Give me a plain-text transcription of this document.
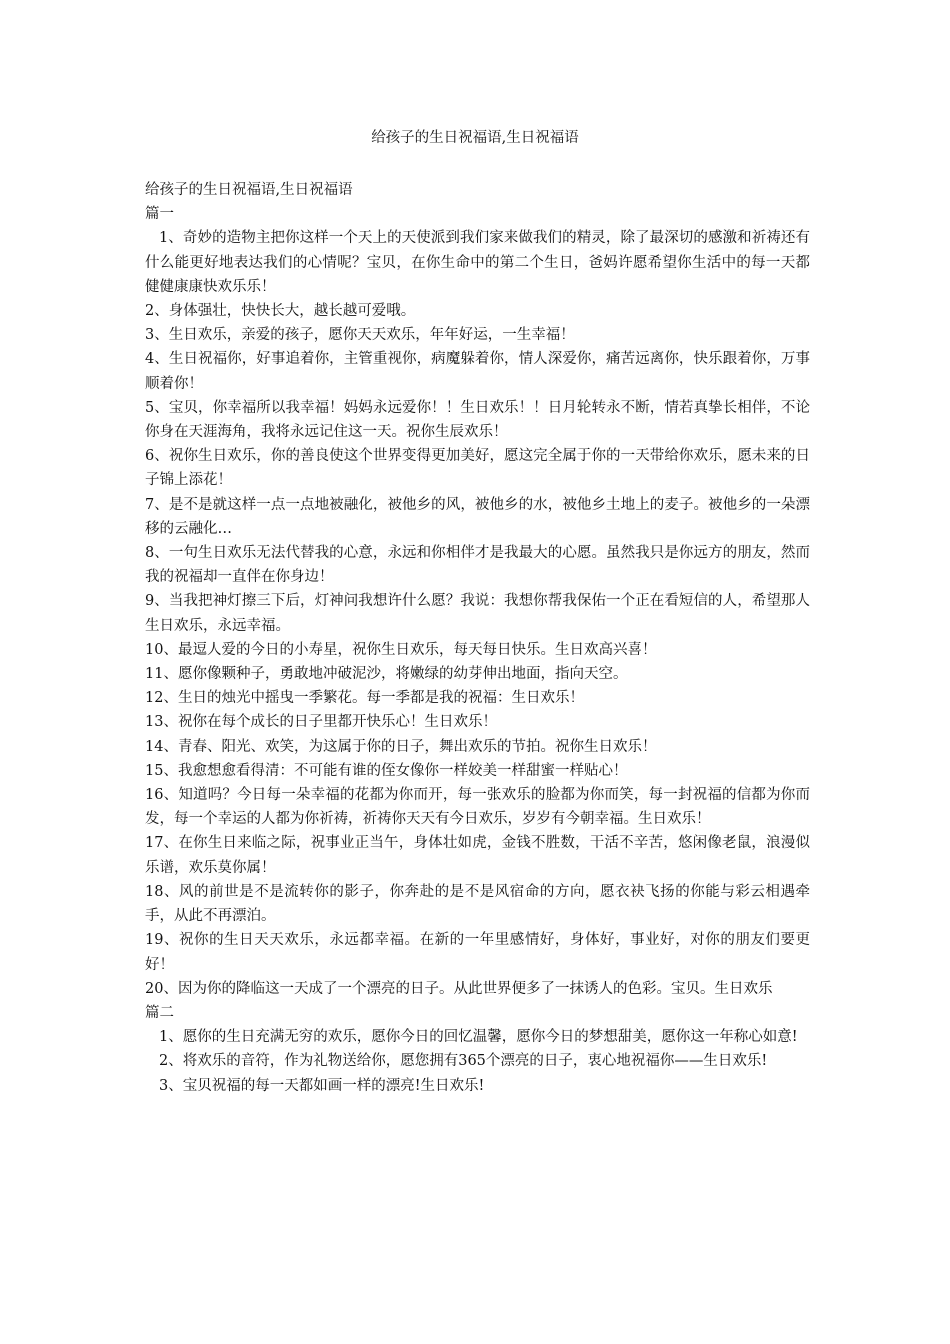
给孩子的生日祝福语,生日祝福语

给孩子的生日祝福语,生日祝福语

篇一

1、奇妙的造物主把你这样一个天上的天使派到我们家来做我们的精灵，除了最深切的感激和祈祷还有什么能更好地表达我们的心情呢？宝贝，在你生命中的第二个生日，爸妈许愿希望你生活中的每一天都健健康康快欢乐乐！

2、身体强壮，快快长大，越长越可爱哦。

3、生日欢乐，亲爱的孩子，愿你天天欢乐，年年好运，一生幸福！

4、生日祝福你，好事追着你，主管重视你，病魔躲着你，情人深爱你，痛苦远离你，快乐跟着你，万事顺着你！

5、宝贝，你幸福所以我幸福！妈妈永远爱你！！生日欢乐！！日月轮转永不断，情若真挚长相伴，不论你身在天涯海角，我将永远记住这一天。祝你生辰欢乐！

6、祝你生日欢乐，你的善良使这个世界变得更加美好，愿这完全属于你的一天带给你欢乐，愿未来的日子锦上添花！

7、是不是就这样一点一点地被融化，被他乡的风，被他乡的水，被他乡土地上的麦子。被他乡的一朵漂移的云融化…

8、一句生日欢乐无法代替我的心意，永远和你相伴才是我最大的心愿。虽然我只是你远方的朋友，然而我的祝福却一直伴在你身边！

9、当我把神灯擦三下后，灯神问我想许什么愿？我说：我想你帮我保佑一个正在看短信的人，希望那人生日欢乐，永远幸福。

10、最逗人爱的今日的小寿星，祝你生日欢乐，每天每日快乐。生日欢高兴喜！

11、愿你像颗种子，勇敢地冲破泥沙，将嫩绿的幼芽伸出地面，指向天空。

12、生日的烛光中摇曳一季繁花。每一季都是我的祝福：生日欢乐！

13、祝你在每个成长的日子里都开快乐心！生日欢乐！

14、青春、阳光、欢笑，为这属于你的日子，舞出欢乐的节拍。祝你生日欢乐！

15、我愈想愈看得清：不可能有谁的侄女像你一样姣美一样甜蜜一样贴心！

16、知道吗？今日每一朵幸福的花都为你而开，每一张欢乐的脸都为你而笑，每一封祝福的信都为你而发，每一个幸运的人都为你祈祷，祈祷你天天有今日欢乐，岁岁有今朝幸福。生日欢乐！

17、在你生日来临之际，祝事业正当午，身体壮如虎，金钱不胜数，干活不辛苦，悠闲像老鼠，浪漫似乐谱，欢乐莫你属！

18、风的前世是不是流转你的影子，你奔赴的是不是风宿命的方向，愿衣袂飞扬的你能与彩云相遇牵手，从此不再漂泊。

19、祝你的生日天天欢乐，永远都幸福。在新的一年里感情好，身体好，事业好，对你的朋友们要更好！

20、因为你的降临这一天成了一个漂亮的日子。从此世界便多了一抹诱人的色彩。宝贝。生日欢乐

篇二

1、愿你的生日充满无穷的欢乐，愿你今日的回忆温馨，愿你今日的梦想甜美，愿你这一年称心如意!

2、将欢乐的音符，作为礼物送给你，愿您拥有365个漂亮的日子，衷心地祝福你——生日欢乐!

3、宝贝祝福的每一天都如画一样的漂亮!生日欢乐!
